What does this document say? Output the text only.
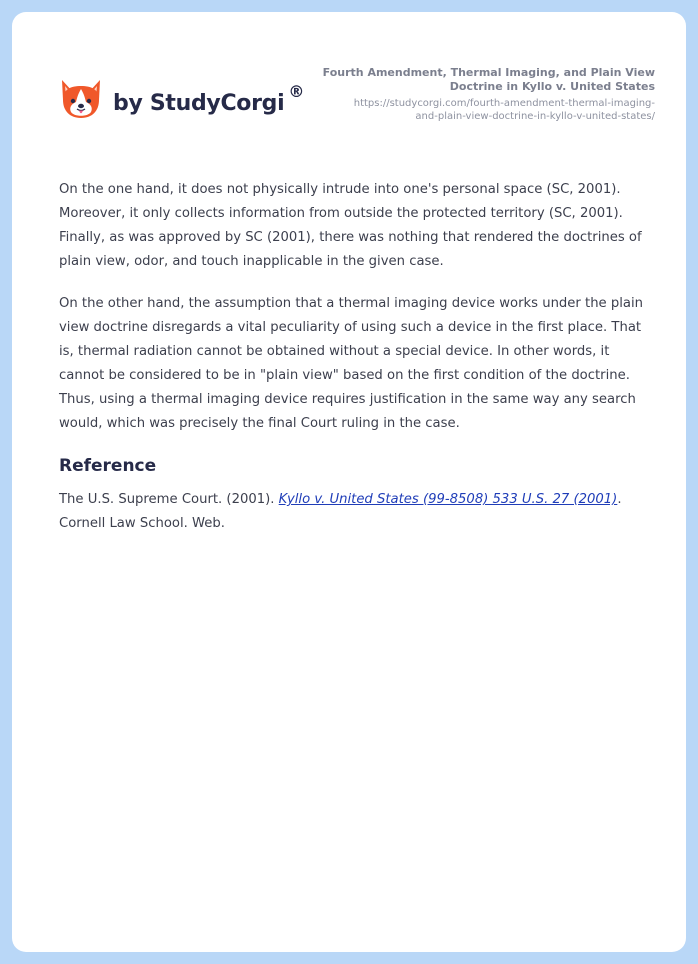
by StudyCorgi ®

Fourth Amendment, Thermal Imaging, and Plain View
Doctrine in Kyllo v. United States

https://studycorgi.com/fourth-amendment-thermal-imaging-
and-plain-view-doctrine-in-kyllo-v-united-states/

On the one hand, it does not physically intrude into one's personal space (SC, 2001). Moreover, it only collects information from outside the protected territory (SC, 2001). Finally, as was approved by SC (2001), there was nothing that rendered the doctrines of plain view, odor, and touch inapplicable in the given case.

On the other hand, the assumption that a thermal imaging device works under the plain view doctrine disregards a vital peculiarity of using such a device in the first place. That is, thermal radiation cannot be obtained without a special device. In other words, it cannot be considered to be in "plain view" based on the first condition of the doctrine. Thus, using a thermal imaging device requires justification in the same way any search would, which was precisely the final Court ruling in the case.

Reference

The U.S. Supreme Court. (2001). Kyllo v. United States (99-8508) 533 U.S. 27 (2001). Cornell Law School. Web.
